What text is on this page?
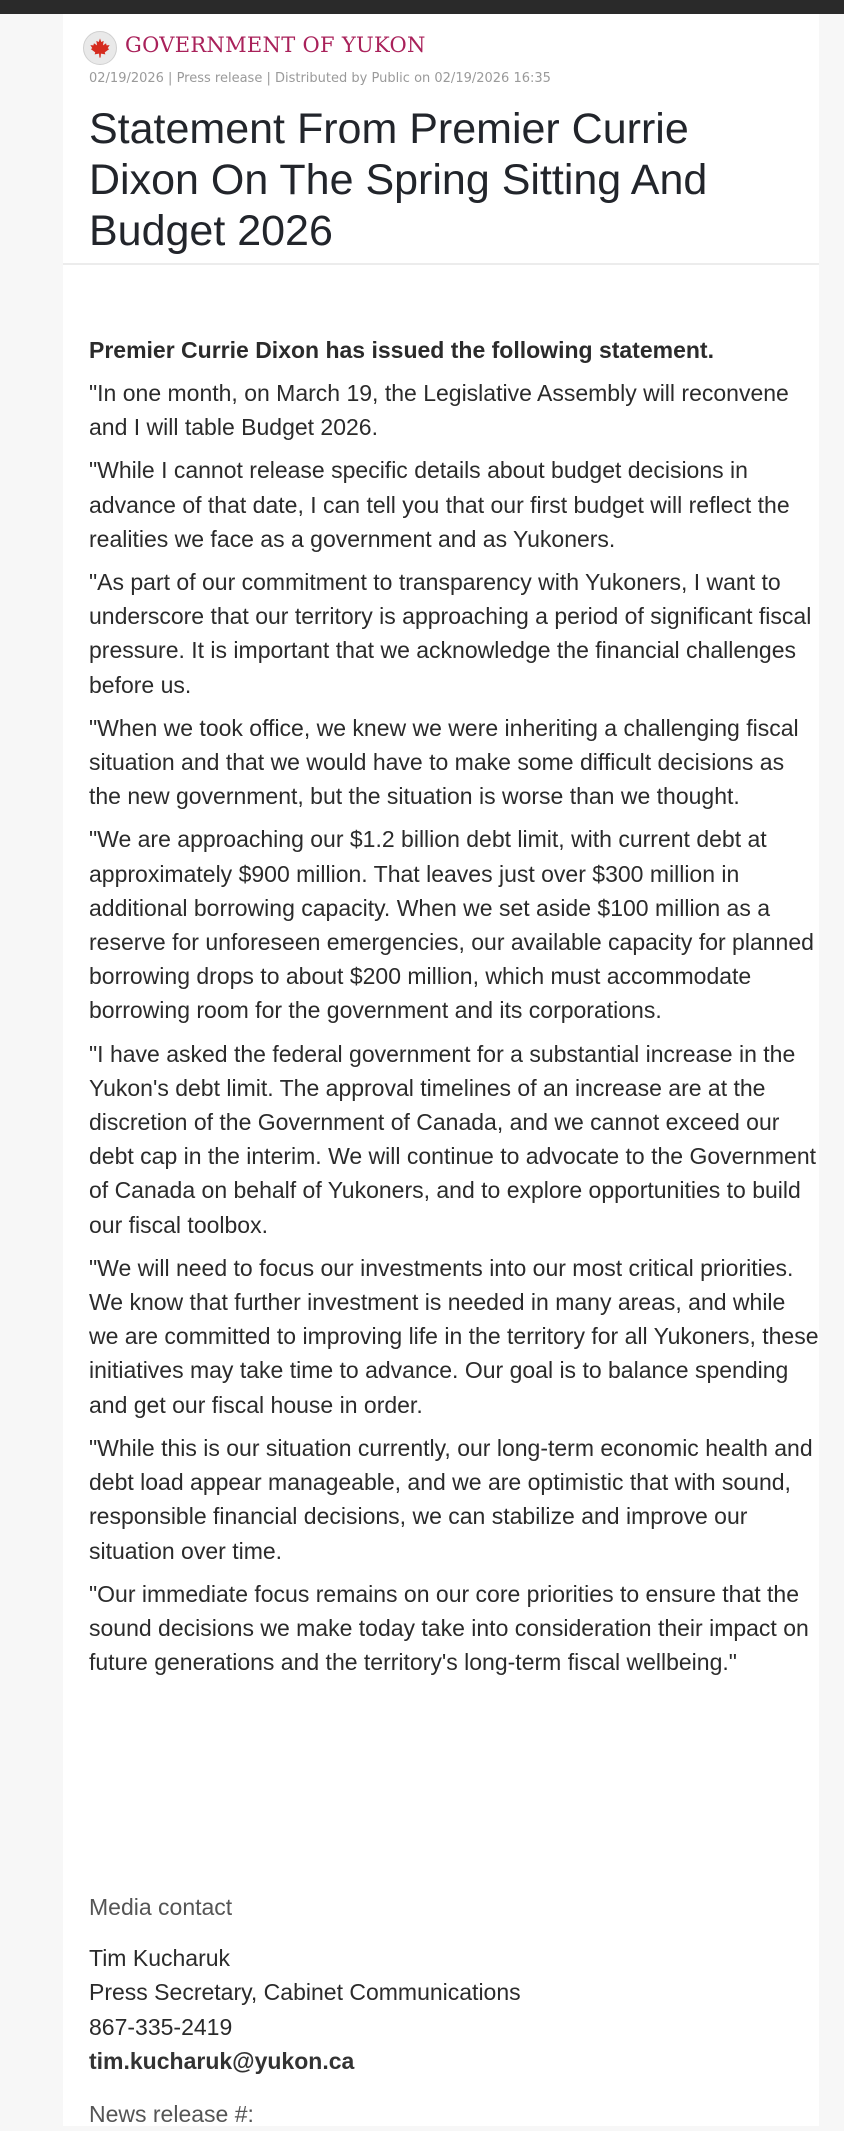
GOVERNMENT OF YUKON
02/19/2026 | Press release | Distributed by Public on 02/19/2026 16:35
Statement From Premier Currie Dixon On The Spring Sitting And Budget 2026

Premier Currie Dixon has issued the following statement.

"In one month, on March 19, the Legislative Assembly will reconvene and I will table Budget 2026.

"While I cannot release specific details about budget decisions in advance of that date, I can tell you that our first budget will reflect the realities we face as a government and as Yukoners.

"As part of our commitment to transparency with Yukoners, I want to underscore that our territory is approaching a period of significant fiscal pressure. It is important that we acknowledge the financial challenges before us.

"When we took office, we knew we were inheriting a challenging fiscal situation and that we would have to make some difficult decisions as the new government, but the situation is worse than we thought.

"We are approaching our $1.2 billion debt limit, with current debt at approximately $900 million. That leaves just over $300 million in additional borrowing capacity. When we set aside $100 million as a reserve for unforeseen emergencies, our available capacity for planned borrowing drops to about $200 million, which must accommodate borrowing room for the government and its corporations.

"I have asked the federal government for a substantial increase in the Yukon's debt limit. The approval timelines of an increase are at the discretion of the Government of Canada, and we cannot exceed our debt cap in the interim. We will continue to advocate to the Government of Canada on behalf of Yukoners, and to explore opportunities to build our fiscal toolbox.

"We will need to focus our investments into our most critical priorities. We know that further investment is needed in many areas, and while we are committed to improving life in the territory for all Yukoners, these initiatives may take time to advance. Our goal is to balance spending and get our fiscal house in order.

"While this is our situation currently, our long-term economic health and debt load appear manageable, and we are optimistic that with sound, responsible financial decisions, we can stabilize and improve our situation over time.

"Our immediate focus remains on our core priorities to ensure that the sound decisions we make today take into consideration their impact on future generations and the territory's long-term fiscal wellbeing."

Media contact
Tim Kucharuk
Press Secretary, Cabinet Communications
867-335-2419
tim.kucharuk@yukon.ca
News release #:
